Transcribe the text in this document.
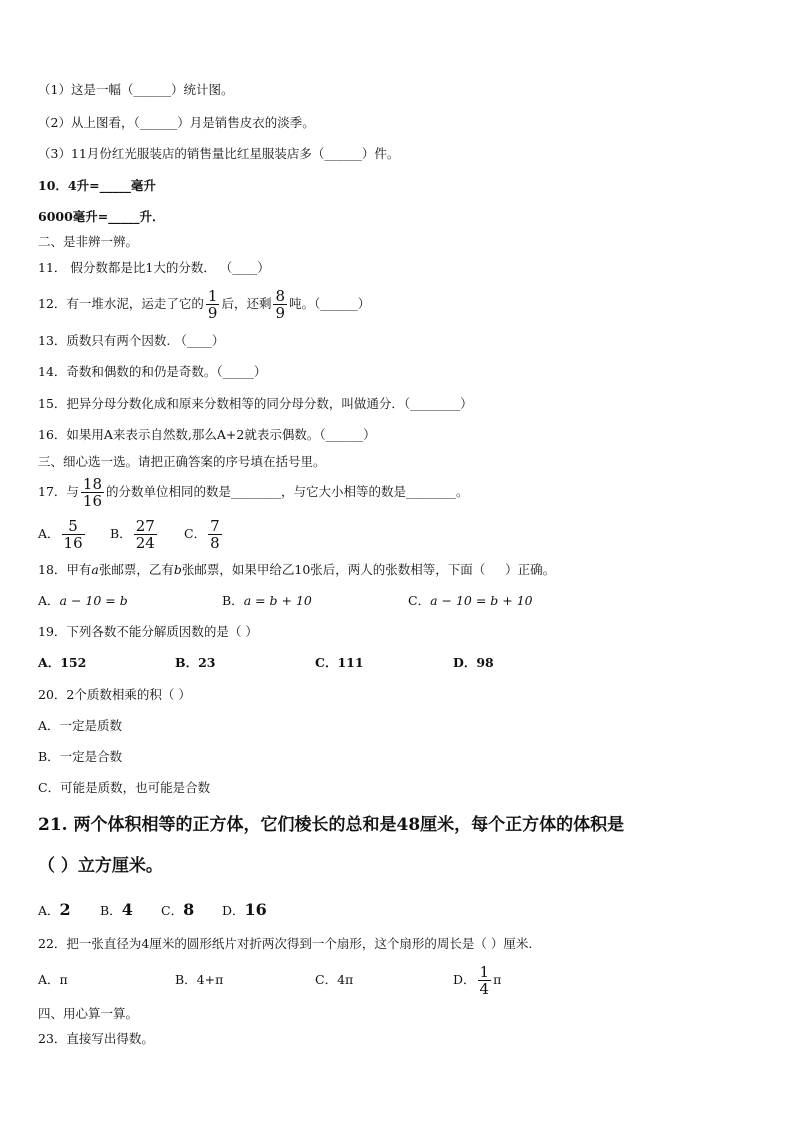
（1）这是一幅（______）统计图。
（2）从上图看，（______）月是销售皮衣的淡季。
（3）11月份红光服装店的销售量比红星服装店多（______）件。
10．4升=_____毫升
6000毫升=_____升．
二、是非辨一辨。
11． 假分数都是比1大的分数． （____）
12．有一堆水泥，运走了它的 $\frac{1}{9}$ 后，还剩 $\frac{8}{9}$ 吨。（______）
13．质数只有两个因数. （____）
14．奇数和偶数的和仍是奇数。（_____）
15．把异分母分数化成和原来分数相等的同分母分数，叫做通分．（________）
16．如果用A来表示自然数,那么A+2就表示偶数。（______）
三、细心选一选。请把正确答案的序号填在括号里。
17．与 $\frac{18}{16}$ 的分数单位相同的数是________，与它大小相等的数是________。
A． $\frac{5}{16}$ B． $\frac{27}{24}$ C． $\frac{7}{8}$
18．甲有a张邮票，乙有b张邮票，如果甲给乙10张后，两人的张数相等，下面（     ）正确。
A．a − 10 = b	B．a = b + 10	C．a − 10 = b + 10
19．下列各数不能分解质因数的是（ ）
A．152	B．23	C．111	D．98
20．2个质数相乘的积（ ）
A．一定是质数
B．一定是合数
C．可能是质数，也可能是合数
21. 两个体积相等的正方体，它们棱长的总和是48厘米，每个正方体的体积是
（ ）立方厘米。
A．2 B．4 C．8 D．16
22．把一张直径为4厘米的圆形纸片对折两次得到一个扇形，这个扇形的周长是（ ）厘米.
A．π	B．4+π	C．4π	D． $\frac{1}{4}$ π
四、用心算一算。
23．直接写出得数。
